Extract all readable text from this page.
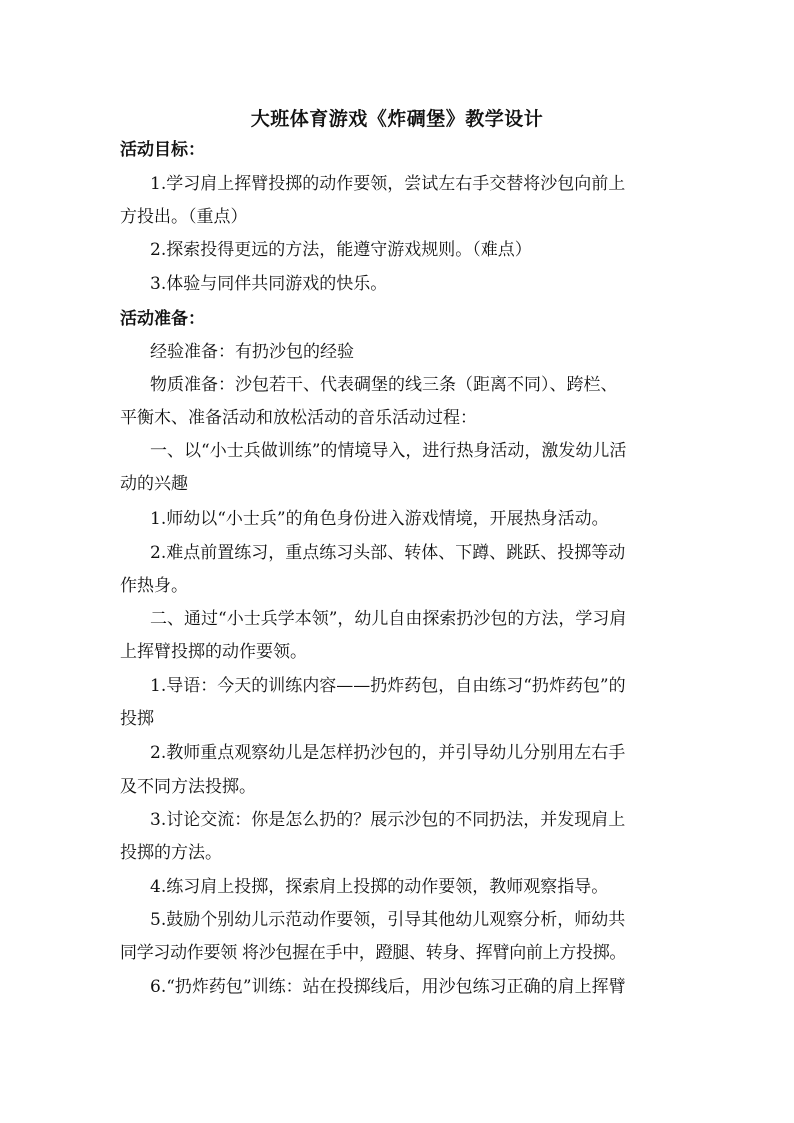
大班体育游戏《炸碉堡》教学设计
活动目标：
1.学习肩上挥臂投掷的动作要领，尝试左右手交替将沙包向前上
方投出。（重点）
2.探索投得更远的方法，能遵守游戏规则。（难点）
3.体验与同伴共同游戏的快乐。
活动准备：
经验准备：有扔沙包的经验
物质准备：沙包若干、代表碉堡的线三条（距离不同）、跨栏、
平衡木、准备活动和放松活动的音乐活动过程：
一、以“小士兵做训练”的情境导入，进行热身活动，激发幼儿活
动的兴趣
1.师幼以“小士兵”的角色身份进入游戏情境，开展热身活动。
2.难点前置练习，重点练习头部、转体、下蹲、跳跃、投掷等动
作热身。
二、通过“小士兵学本领”，幼儿自由探索扔沙包的方法，学习肩
上挥臂投掷的动作要领。
1.导语：今天的训练内容——扔炸药包，自由练习“扔炸药包”的
投掷
2.教师重点观察幼儿是怎样扔沙包的，并引导幼儿分别用左右手
及不同方法投掷。
3.讨论交流：你是怎么扔的？展示沙包的不同扔法，并发现肩上
投掷的方法。
4.练习肩上投掷，探索肩上投掷的动作要领，教师观察指导。
5.鼓励个别幼儿示范动作要领，引导其他幼儿观察分析，师幼共
同学习动作要领 将沙包握在手中，蹬腿、转身、挥臂向前上方投掷。
6.“扔炸药包”训练：站在投掷线后，用沙包练习正确的肩上挥臂
